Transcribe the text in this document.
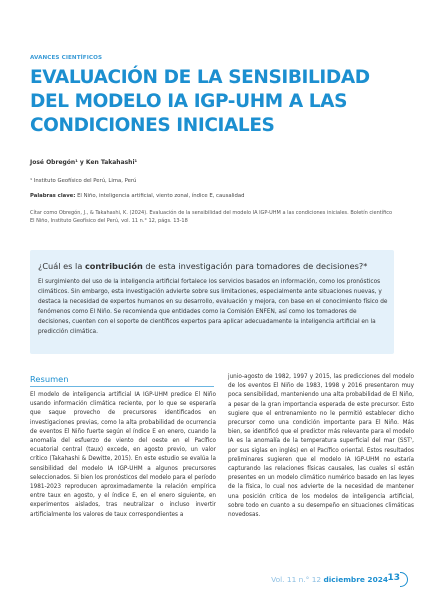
AVANCES CIENTÍFICOS
EVALUACIÓN DE LA SENSIBILIDAD DEL MODELO IA IGP-UHM A LAS CONDICIONES INICIALES
José Obregón¹ y Ken Takahashi¹
¹ Instituto Geofísico del Perú, Lima, Perú
Palabras clave: El Niño, inteligencia artificial, viento zonal, índice E, causalidad
Cítar como Obregón, J., & Takahashi, K. (2024). Evaluación de la sensibilidad del modelo IA IGP-UHM a las condiciones iniciales. Boletín científico El Niño, Instituto Geofísico del Perú, vol. 11 n.° 12, págs. 13-18
¿Cuál es la contribución de esta investigación para tomadores de decisiones?*
El surgimiento del uso de la inteligencia artificial fortalece los servicios basados en información, como los pronósticos climáticos. Sin embargo, esta investigación advierte sobre sus limitaciones, especialmente ante situaciones nuevas, y destaca la necesidad de expertos humanos en su desarrollo, evaluación y mejora, con base en el conocimiento físico de fenómenos como El Niño. Se recomienda que entidades como la Comisión ENFEN, así como los tomadores de decisiones, cuenten con el soporte de científicos expertos para aplicar adecuadamente la inteligencia artificial en la predicción climática.
Resumen
El modelo de inteligencia artificial IA IGP-UHM predice El Niño usando información climática reciente, por lo que se esperaría que saque provecho de precursores identificados en investigaciones previas, como la alta probabilidad de ocurrencia de eventos El Niño fuerte según el índice E en enero, cuando la anomalía del esfuerzo de viento del oeste en el Pacífico ecuatorial central (taux) excede, en agosto previo, un valor crítico (Takahashi & Dewitte, 2015). En este estudio se evalúa la sensibilidad del modelo IA IGP-UHM a algunos precursores seleccionados. Si bien los pronósticos del modelo para el período 1981-2023 reproducen aproximadamente la relación empírica entre taux en agosto, y el índice E, en el enero siguiente, en experimentos aislados, tras neutralizar o incluso invertir artificialmente los valores de taux correspondientes a
junio-agosto de 1982, 1997 y 2015, las predicciones del modelo de los eventos El Niño de 1983, 1998 y 2016 presentaron muy poca sensibilidad, manteniendo una alta probabilidad de El Niño, a pesar de la gran importancia esperada de este precursor. Esto sugiere que el entrenamiento no le permitió establecer dicho precursor como una condición importante para El Niño. Más bien, se identificó que el predictor más relevante para el modelo IA es la anomalía de la temperatura superficial del mar (SST', por sus siglas en inglés) en el Pacífico oriental. Estos resultados preliminares sugieren que el modelo IA IGP-UHM no estaría capturando las relaciones físicas causales, las cuales sí están presentes en un modelo climático numérico basado en las leyes de la física, lo cual nos advierte de la necesidad de mantener una posición crítica de los modelos de inteligencia artificial, sobre todo en cuanto a su desempeño en situaciones climáticas novedosas.
Vol. 11 n.° 12 diciembre 2024 13
